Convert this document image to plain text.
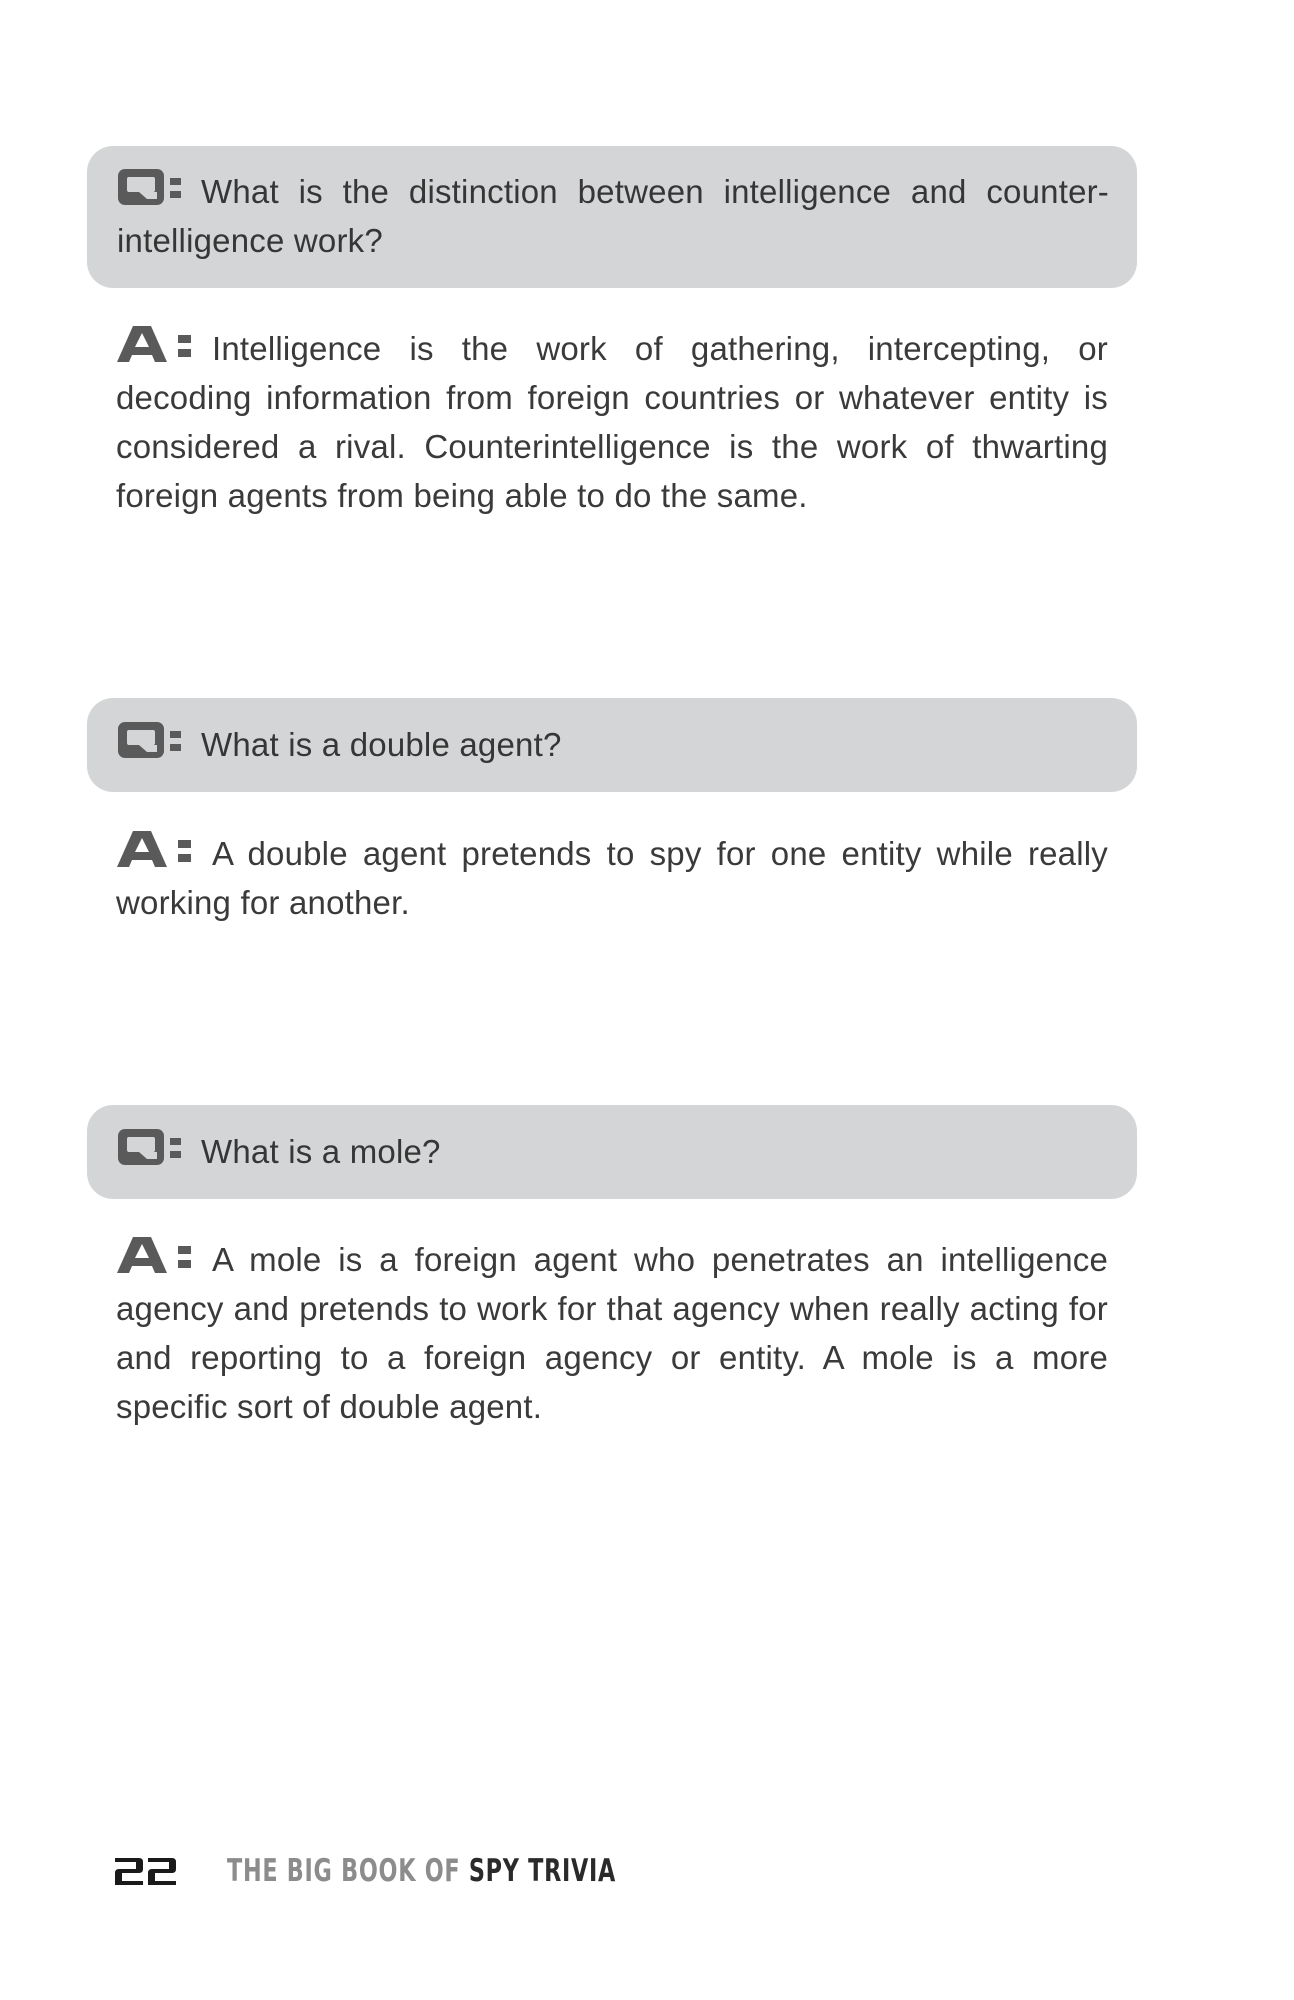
Q:
What is the distinction between intelligence and counter-intelligence work?

A:
Intelligence is the work of gathering, intercepting, or decoding information from foreign countries or whatever entity is considered a rival. Counterintelligence is the work of thwarting foreign agents from being able to do the same.

Q:
What is a double agent?

A:
A double agent pretends to spy for one entity while really working for another.

Q:
What is a mole?

A:
A mole is a foreign agent who penetrates an intelligence agency and pretends to work for that agency when really acting for and reporting to a foreign agency or entity. A mole is a more specific sort of double agent.

THE BIG BOOK OF SPY TRIVIA
